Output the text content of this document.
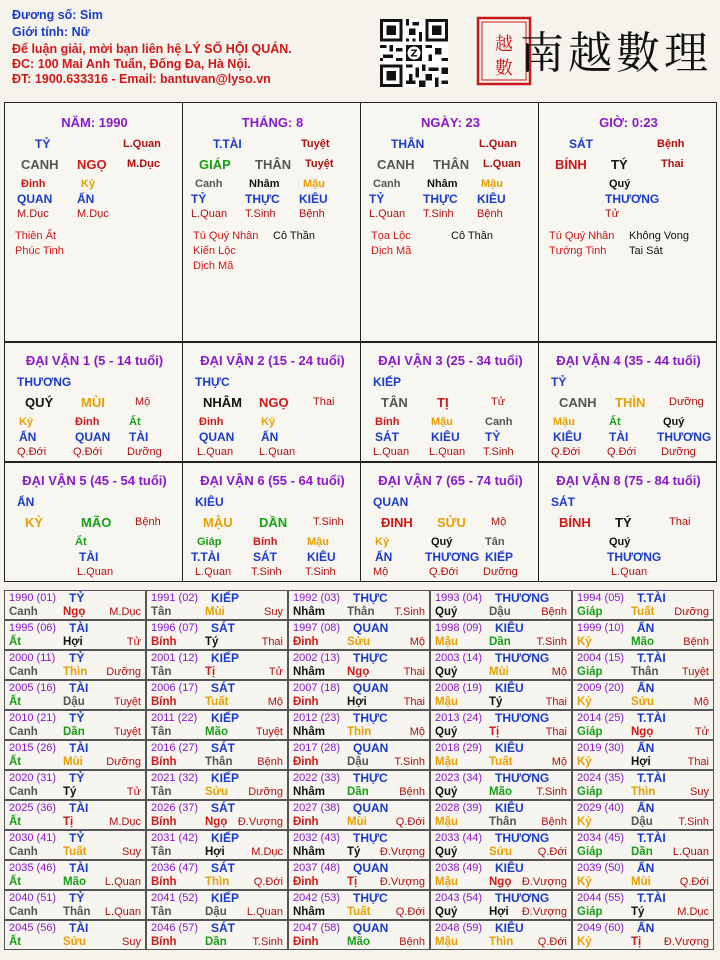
Đương số: Sim
Giới tính: Nữ
Để luận giải, mời bạn liên hệ LÝ SỐ HỘI QUÁN.
ĐC: 100 Mai Anh Tuấn, Đống Đa, Hà Nội.
ĐT: 1900.633316 - Email: bantuvan@lyso.vn
Z	越
數 南越數理
NĂM: 1990
TỶ	L.Quan
CANH NGỌ M.Dục
Đinh
QUAN
M.Dục
Kỷ
ẤN
M.Dục
Thiên Ất
Phúc Tinh
THÁNG: 8
T.TÀI	Tuyệt
GIÁP THÂN Tuyệt
Canh
TỶ
L.Quan
Nhâm
THỰC
T.Sinh
Mậu
KIÊU
Bệnh
Tú Quý Nhân
Kiến Lộc
Dịch Mã
Cô Thần
NGÀY: 23
THÂN	L.Quan
CANH THÂN L.Quan
Canh
TỶ
L.Quan
Nhâm
THỰC
T.Sinh
Mậu
KIÊU
Bệnh
Tọa Lộc
Dịch Mã
Cô Thần
GIỜ: 0:23
SÁT	Bệnh
BÍNH TÝ	Thai
Quý
THƯƠNG
Tử
Tú Quý Nhân
Tướng Tinh
Không Vong
Tai Sát
ĐẠI VẬN 1 (5 - 14 tuổi)
THƯƠNG
QUÝ MÙI	Mộ
Kỷ
ẤN
Q.Đới
Đinh
QUAN
Q.Đới
Ất
TÀI
Dưỡng
ĐẠI VẬN 2 (15 - 24 tuổi)
THỰC
NHÂM NGỌ Thai
Đinh
QUAN
L.Quan
Kỷ
ẤN
L.Quan
ĐẠI VẬN 3 (25 - 34 tuổi)
KIẾP
TÂN TỊ	Tử
Bính
SÁT
L.Quan
Mậu
KIÊU
L.Quan
Canh
TỶ
T.Sinh
ĐẠI VẬN 4 (35 - 44 tuổi)
TỶ
CANH THÌN Dưỡng
Mậu
KIÊU
Q.Đới
Ất
TÀI
Q.Đới
Quý
THƯƠNG
Dưỡng
ĐẠI VẬN 5 (45 - 54 tuổi)
ẤN
KỶ	MÃO Bệnh
Ất
TÀI
L.Quan
ĐẠI VẬN 6 (55 - 64 tuổi)
KIÊU
MẬU DẦN T.Sinh
Giáp
T.TÀI
L.Quan
Bính
SÁT
T.Sinh
Mậu
KIÊU
T.Sinh
ĐẠI VẬN 7 (65 - 74 tuổi)
QUAN
ĐINH SỬU Mộ
Kỷ
ẤN
Mộ
Quý
THƯƠNG
Q.Đới
Tân
KIẾP
Dưỡng
ĐẠI VẬN 8 (75 - 84 tuổi)
SÁT
BÍNH TÝ	Thai
Quý
THƯƠNG
L.Quan
1990 (01) TỶ
Canh Ngọ M.Dục
1991 (02) KIẾP
Tân	Mùi	Suy
1992 (03) THỰC
Nhâm Thân T.Sinh
1993 (04) THƯƠNG
Quý	Dậu	Bệnh
1994 (05) T.TÀI
Giáp Tuất Dưỡng
1995 (06) TÀI
Ất	Hợi	Tử
1996 (07) SÁT
Bính Tý	Thai
1997 (08) QUAN
Đinh Sửu	Mộ
1998 (09) KIÊU
Mậu	Dần T.Sinh
1999 (10) ẤN
Kỷ	Mão	Bệnh
2000 (11) TỶ
Canh Thìn Dưỡng
2001 (12) KIẾP
Tân	Tị	Tử
2002 (13) THỰC
Nhâm Ngọ	Thai
2003 (14) THƯƠNG
Quý	Mùi	Mộ
2004 (15) T.TÀI
Giáp Thân Tuyệt
2005 (16) TÀI
Ất	Dậu	Tuyệt
2006 (17) SÁT
Bính Tuất	Mộ
2007 (18) QUAN
Đinh Hợi	Thai
2008 (19) KIÊU
Mậu	Tý	Thai
2009 (20) ẤN
Kỷ	Sửu	Mộ
2010 (21) TỶ
Canh Dần	Tuyệt
2011 (22) KIẾP
Tân	Mão	Tuyệt
2012 (23) THỰC
Nhâm Thìn	Mộ
2013 (24) THƯƠNG
Quý	Tị	Thai
2014 (25) T.TÀI
Giáp Ngọ	Tử
2015 (26) TÀI
Ất	Mùi Dưỡng
2016 (27) SÁT
Bính Thân Bệnh
2017 (28) QUAN
Đinh Dậu T.Sinh
2018 (29) KIÊU
Mậu	Tuất	Mộ
2019 (30) ẤN
Kỷ	Hợi	Thai
2020 (31) TỶ
Canh Tý	Tử
2021 (32) KIẾP
Tân	Sửu Dưỡng
2022 (33) THỰC
Nhâm Dần	Bệnh
2023 (34) THƯƠNG
Quý	Mão T.Sinh
2024 (35) T.TÀI
Giáp Thìn	Suy
2025 (36) TÀI
Ất	Tị	M.Dục
2026 (37) SÁT
Bính Ngọ Đ.Vượng
2027 (38) QUAN
Đinh Mùi	Q.Đới
2028 (39) KIÊU
Mậu	Thân Bệnh
2029 (40) ẤN
Kỷ	Dậu T.Sinh
2030 (41) TỶ
Canh Tuất	Suy
2031 (42) KIẾP
Tân	Hợi M.Dục
2032 (43) THỰC
Nhâm Tý Đ.Vượng
2033 (44) THƯƠNG
Quý	Sửu Q.Đới
2034 (45) T.TÀI
Giáp Dần L.Quan
2035 (46) TÀI
Ất	Mão L.Quan
2036 (47) SÁT
Bính Thìn Q.Đới
2037 (48) QUAN
Đinh Tị Đ.Vượng
2038 (49) KIÊU
Mậu	Ngọ Đ.Vượng
2039 (50) ẤN
Kỷ	Mùi	Q.Đới
2040 (51) TỶ
Canh Thân L.Quan
2041 (52) KIẾP
Tân	Dậu L.Quan
2042 (53) THỰC
Nhâm Tuất Q.Đới
2043 (54) THƯƠNG
Quý	Hợi Đ.Vượng
2044 (55) T.TÀI
Giáp Tý	M.Dục
2045 (56) TÀI
Ất	Sửu	Suy
2046 (57) SÁT
Bính Dần T.Sinh
2047 (58) QUAN
Đinh Mão	Bệnh
2048 (59) KIÊU
Mậu	Thìn Q.Đới
2049 (60) ẤN
Kỷ	Tị Đ.Vượng
